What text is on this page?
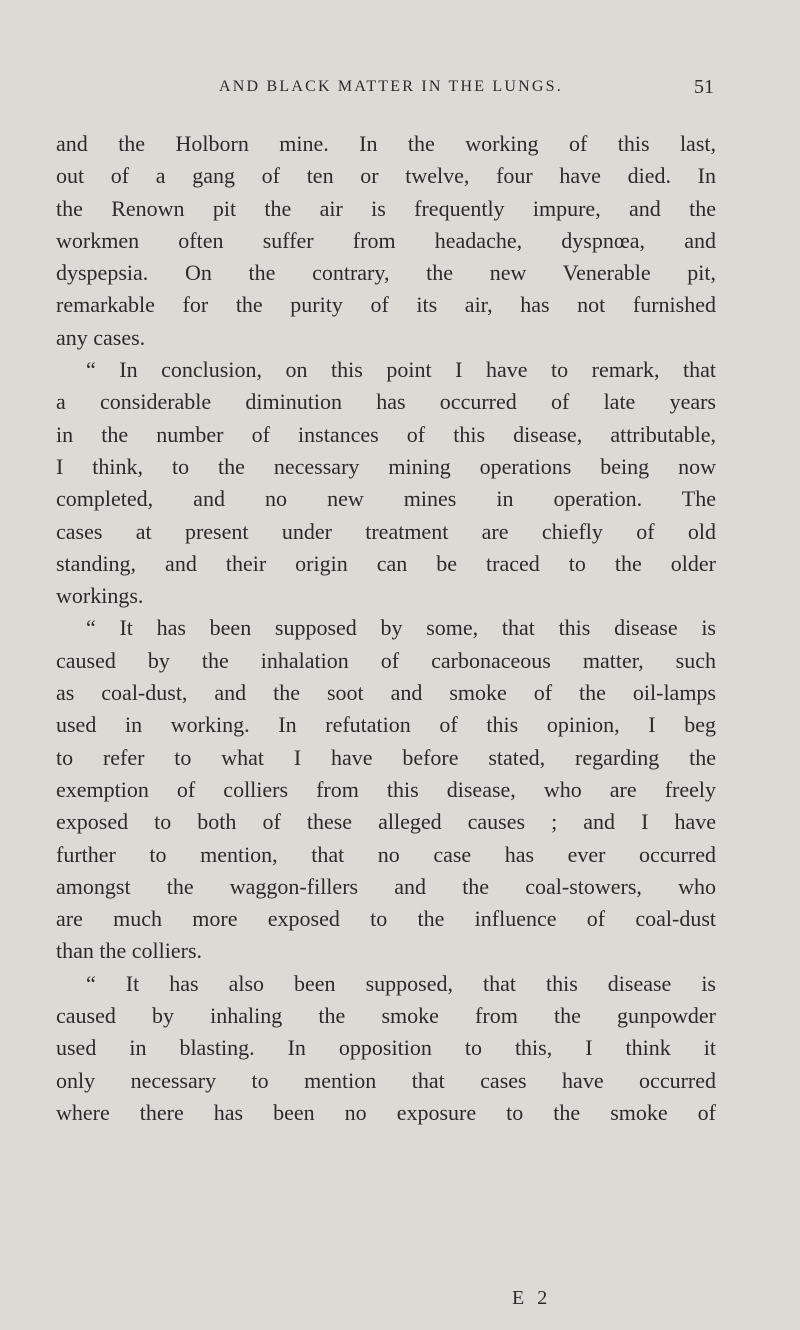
AND BLACK MATTER IN THE LUNGS.	51
and the Holborn mine. In the working of this last,
out of a gang of ten or twelve, four have died. In
the Renown pit the air is frequently impure, and the
workmen often suffer from headache, dyspnœa, and
dyspepsia. On the contrary, the new Venerable pit,
remarkable for the purity of its air, has not furnished
any cases.
“ In conclusion, on this point I have to remark, that
a considerable diminution has occurred of late years
in the number of instances of this disease, attributable,
I think, to the necessary mining operations being now
completed, and no new mines in operation. The
cases at present under treatment are chiefly of old
standing, and their origin can be traced to the older
workings.
“ It has been supposed by some, that this disease is
caused by the inhalation of carbonaceous matter, such
as coal-dust, and the soot and smoke of the oil-lamps
used in working. In refutation of this opinion, I beg
to refer to what I have before stated, regarding the
exemption of colliers from this disease, who are freely
exposed to both of these alleged causes ; and I have
further to mention, that no case has ever occurred
amongst the waggon-fillers and the coal-stowers, who
are much more exposed to the influence of coal-dust
than the colliers.
“ It has also been supposed, that this disease is
caused by inhaling the smoke from the gunpowder
used in blasting. In opposition to this, I think it
only necessary to mention that cases have occurred
where there has been no exposure to the smoke of
E 2
